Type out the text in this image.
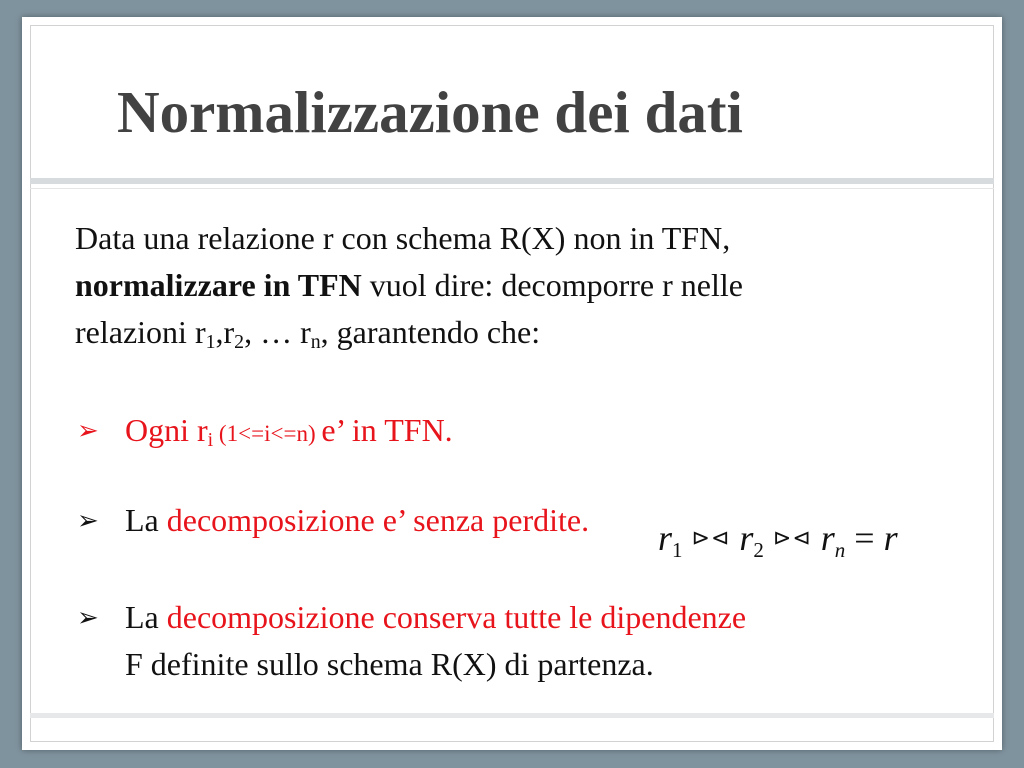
Normalizzazione dei dati

Data una relazione r con schema R(X) non in TFN,
normalizzare in TFN vuol dire: decomporre r nelle
relazioni $r_1,r_2$, … $r_n$, garantendo che:

➢ Ogni $r_i$ (1<=i<=n) e’ in TFN.
➢ La decomposizione e’ senza perdite.	$r_1$ ⊳⊲ $r_2$ ⊳⊲ $r_n = r$
➢ La decomposizione conserva tutte le dipendenze
F definite sullo schema R(X) di partenza.
